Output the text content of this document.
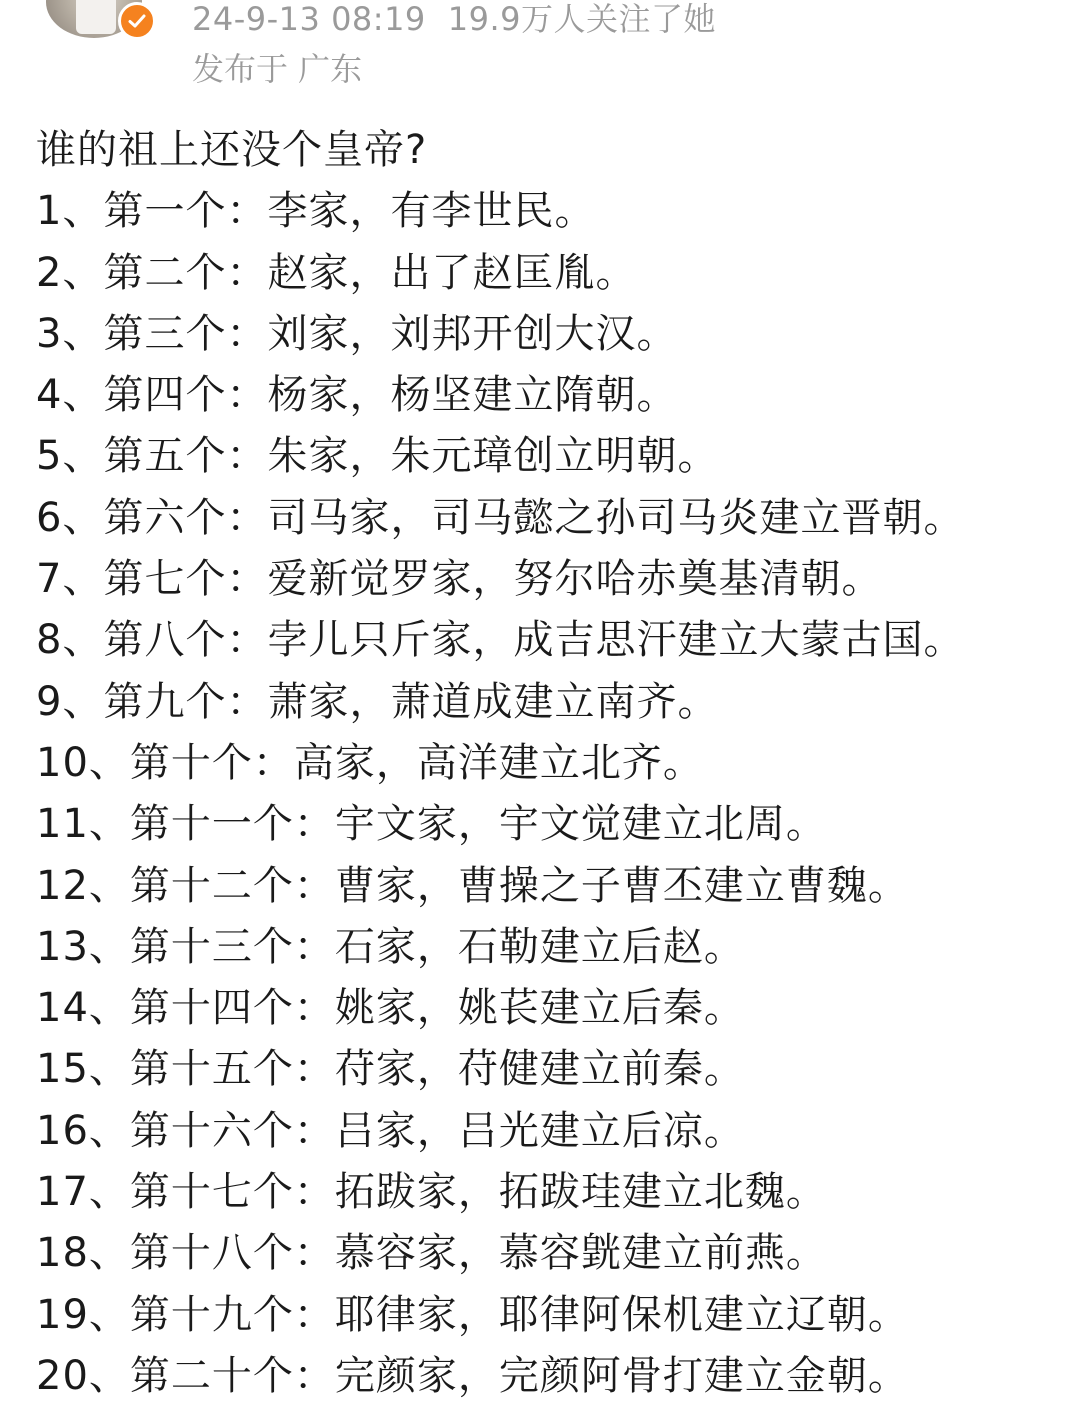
24-9-13 08:19 19.9万人关注了她
发布于 广东
谁的祖上还没个皇帝?
1、第一个：李家，有李世民。
2、第二个：赵家，出了赵匡胤。
3、第三个：刘家，刘邦开创大汉。
4、第四个：杨家，杨坚建立隋朝。
5、第五个：朱家，朱元璋创立明朝。
6、第六个：司马家，司马懿之孙司马炎建立晋朝。
7、第七个：爱新觉罗家，努尔哈赤奠基清朝。
8、第八个：孛儿只斤家，成吉思汗建立大蒙古国。
9、第九个：萧家，萧道成建立南齐。
10、第十个：高家，高洋建立北齐。
11、第十一个：宇文家，宇文觉建立北周。
12、第十二个：曹家，曹操之子曹丕建立曹魏。
13、第十三个：石家，石勒建立后赵。
14、第十四个：姚家，姚苌建立后秦。
15、第十五个：苻家，苻健建立前秦。
16、第十六个：吕家，吕光建立后凉。
17、第十七个：拓跋家，拓跋珪建立北魏。
18、第十八个：慕容家，慕容皝建立前燕。
19、第十九个：耶律家，耶律阿保机建立辽朝。
20、第二十个：完颜家，完颜阿骨打建立金朝。
